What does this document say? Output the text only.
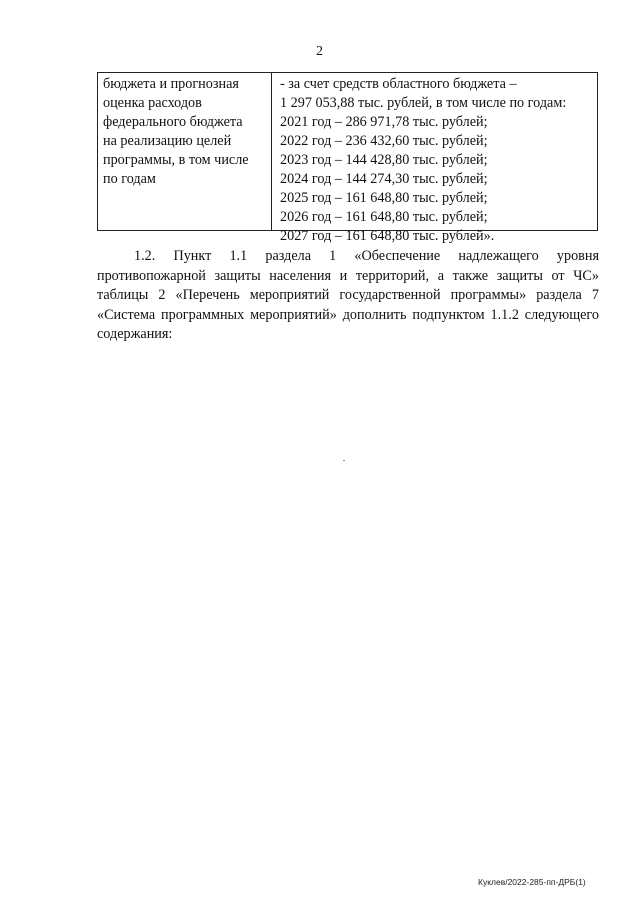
2
бюджета и прогнозная
оценка расходов
федерального бюджета
на реализацию целей
программы, в том числе
по годам
- за счет средств областного бюджета –
1 297 053,88 тыс. рублей, в том числе по годам:
2021 год – 286 971,78 тыс. рублей;
2022 год – 236 432,60 тыс. рублей;
2023 год – 144 428,80 тыс. рублей;
2024 год – 144 274,30 тыс. рублей;
2025 год – 161 648,80 тыс. рублей;
2026 год – 161 648,80 тыс. рублей;
2027 год – 161 648,80 тыс. рублей».
1.2. Пункт 1.1 раздела 1 «Обеспечение надлежащего уровня
противопожарной защиты населения и территорий, а также защиты от ЧС»
таблицы 2 «Перечень мероприятий государственной программы» раздела 7
«Система программных мероприятий» дополнить подпунктом 1.1.2 следующего
содержания:
Куклев/2022-285-пп-ДРБ(1)
